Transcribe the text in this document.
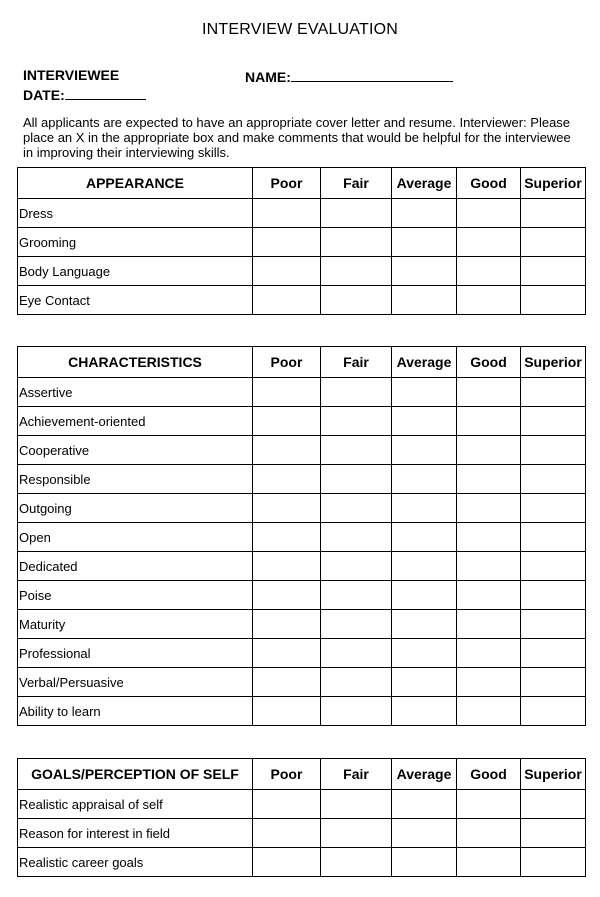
INTERVIEW EVALUATION
INTERVIEWEE	NAME:
DATE:
All applicants are expected to have an appropriate cover letter and resume. Interviewer: Please place an X in the appropriate box and make comments that would be helpful for the interviewee in improving their interviewing skills.
APPEARANCE	Poor	Fair	Average	Good	Superior
Dress					
Grooming					
Body Language					
Eye Contact					
CHARACTERISTICS	Poor	Fair	Average	Good	Superior
Assertive					
Achievement-oriented					
Cooperative					
Responsible					
Outgoing					
Open					
Dedicated					
Poise					
Maturity					
Professional					
Verbal/Persuasive					
Ability to learn					
GOALS/PERCEPTION OF SELF	Poor	Fair	Average	Good	Superior
Realistic appraisal of self					
Reason for interest in field					
Realistic career goals					
